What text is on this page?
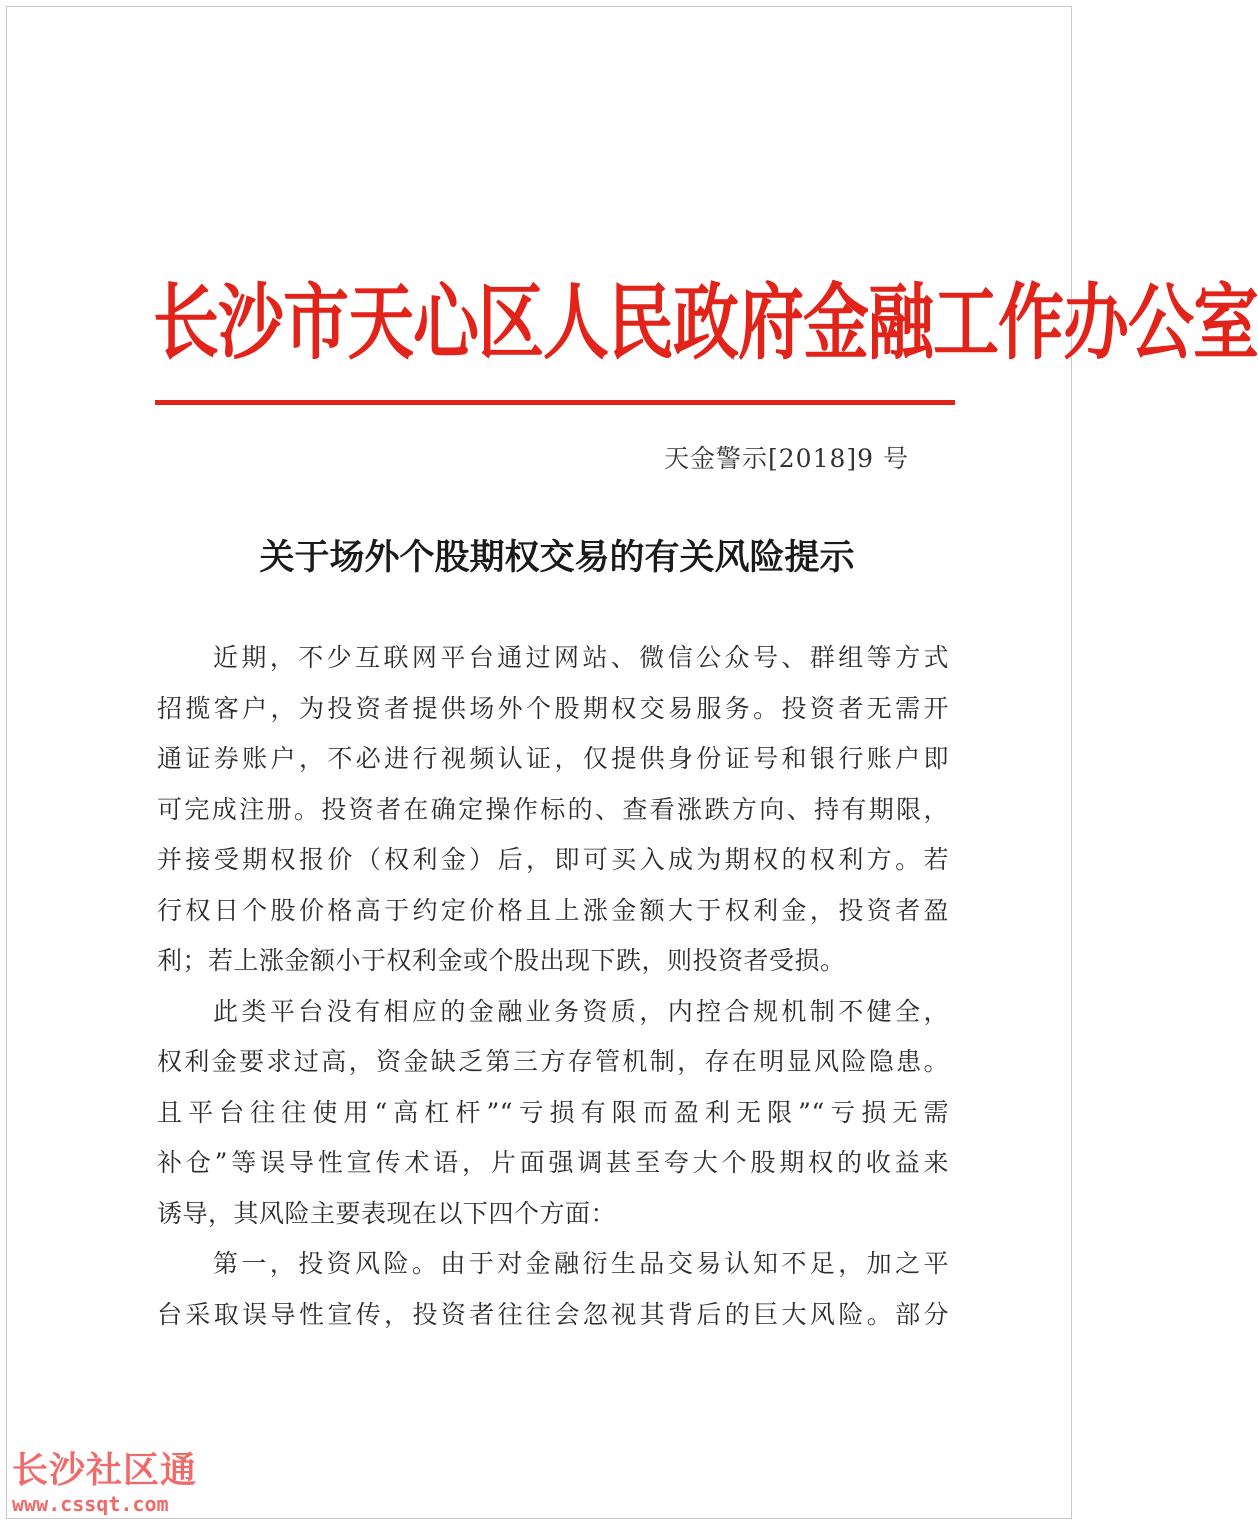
长沙市天心区人民政府金融工作办公室
天金警示[2018]9 号
关于场外个股期权交易的有关风险提示
近期，不少互联网平台通过网站、微信公众号、群组等方式
招揽客户，为投资者提供场外个股期权交易服务。投资者无需开
通证券账户，不必进行视频认证，仅提供身份证号和银行账户即
可完成注册。投资者在确定操作标的、查看涨跌方向、持有期限，
并接受期权报价（权利金）后，即可买入成为期权的权利方。若
行权日个股价格高于约定价格且上涨金额大于权利金，投资者盈
利；若上涨金额小于权利金或个股出现下跌，则投资者受损。
此类平台没有相应的金融业务资质，内控合规机制不健全，
权利金要求过高，资金缺乏第三方存管机制，存在明显风险隐患。
且平台往往使用“高杠杆”“亏损有限而盈利无限”“亏损无需
补仓”等误导性宣传术语，片面强调甚至夸大个股期权的收益来
诱导，其风险主要表现在以下四个方面：
第一，投资风险。由于对金融衍生品交易认知不足，加之平
台采取误导性宣传，投资者往往会忽视其背后的巨大风险。部分
长沙社区通
www.cssqt.com
